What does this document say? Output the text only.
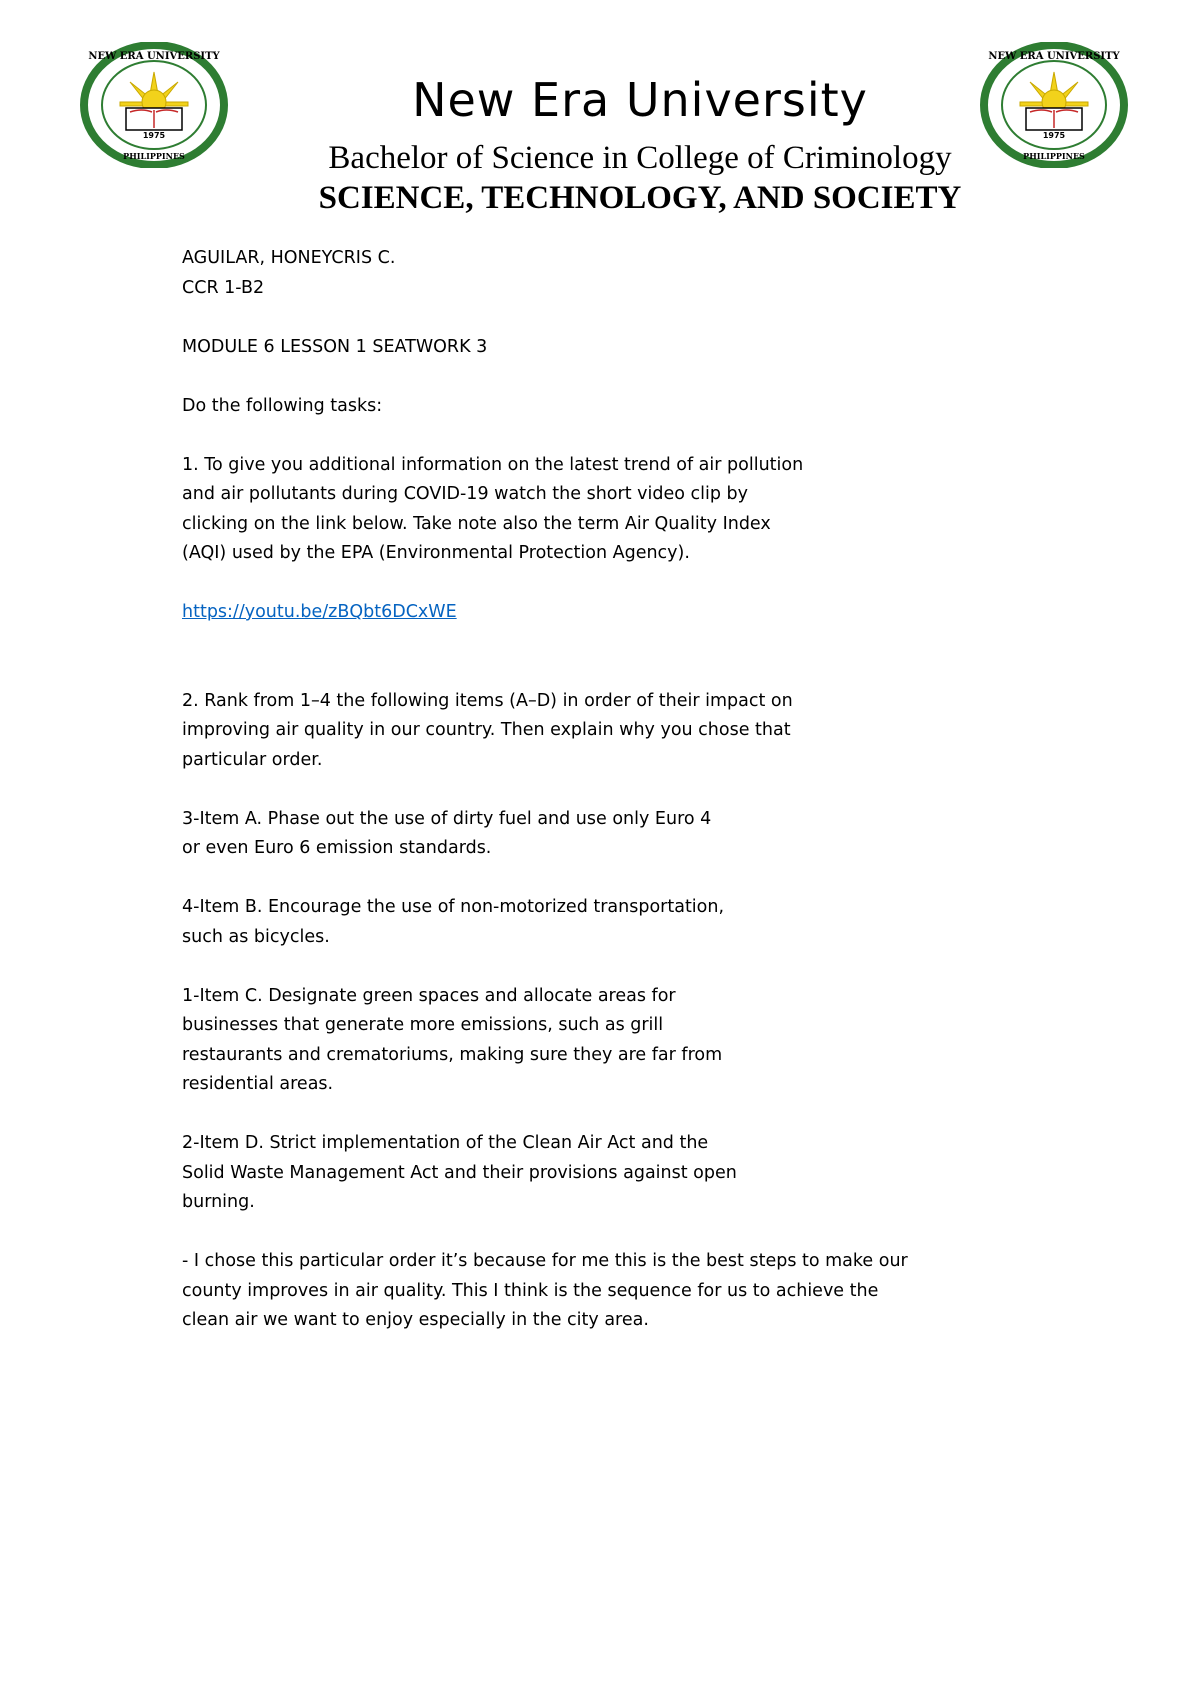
1975
NEW ERA UNIVERSITY
PHILIPPINES
1975
NEW ERA UNIVERSITY
PHILIPPINES
New Era University
Bachelor of Science in College of Criminology
SCIENCE, TECHNOLOGY, AND SOCIETY
AGUILAR, HONEYCRIS C.
CCR 1-B2
MODULE 6 LESSON 1 SEATWORK 3
Do the following tasks:
1. To give you additional information on the latest trend of air pollution
and air pollutants during COVID-19 watch the short video clip by
clicking on the link below. Take note also the term Air Quality Index
(AQI) used by the EPA (Environmental Protection Agency).
https://youtu.be/zBQbt6DCxWE
2. Rank from 1–4 the following items (A–D) in order of their impact on
improving air quality in our country. Then explain why you chose that
particular order.
3-Item A. Phase out the use of dirty fuel and use only Euro 4
or even Euro 6 emission standards.
4-Item B. Encourage the use of non-motorized transportation,
such as bicycles.
1-Item C. Designate green spaces and allocate areas for
businesses that generate more emissions, such as grill
restaurants and crematoriums, making sure they are far from
residential areas.
2-Item D. Strict implementation of the Clean Air Act and the
Solid Waste Management Act and their provisions against open
burning.
- I chose this particular order it’s because for me this is the best steps to make our
county improves in air quality. This I think is the sequence for us to achieve the
clean air we want to enjoy especially in the city area.
